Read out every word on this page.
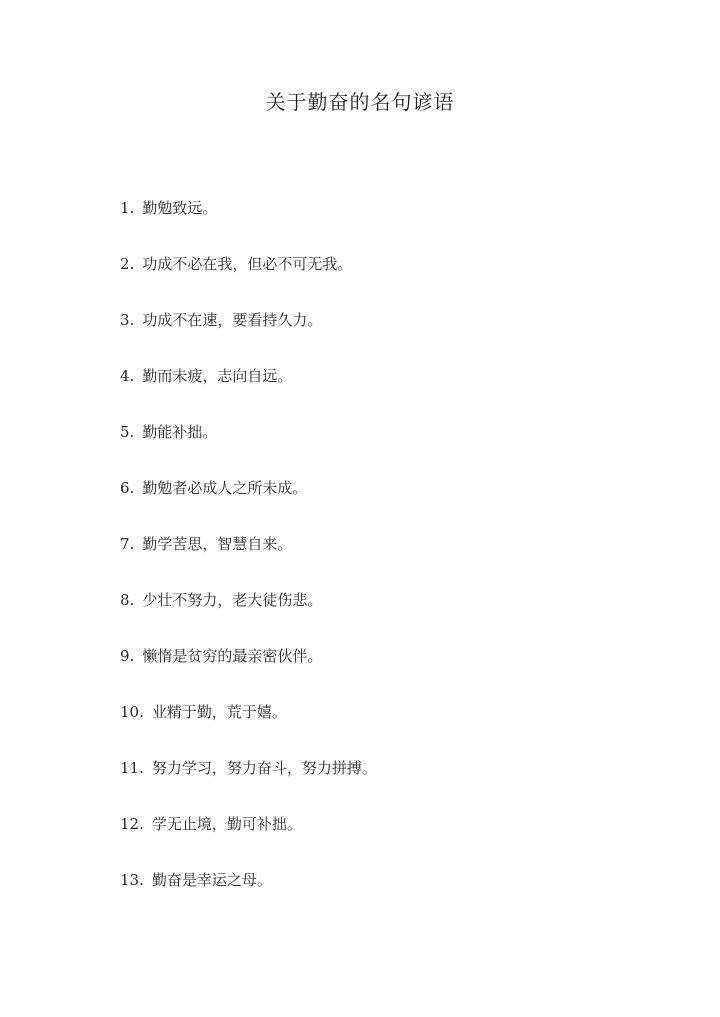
关于勤奋的名句谚语
1. 勤勉致远。
2. 功成不必在我，但必不可无我。
3. 功成不在速，要看持久力。
4. 勤而未疲，志向自远。
5. 勤能补拙。
6. 勤勉者必成人之所未成。
7. 勤学苦思，智慧自来。
8. 少壮不努力，老大徒伤悲。
9. 懒惰是贫穷的最亲密伙伴。
10. 业精于勤，荒于嬉。
11. 努力学习，努力奋斗，努力拼搏。
12. 学无止境，勤可补拙。
13. 勤奋是幸运之母。
